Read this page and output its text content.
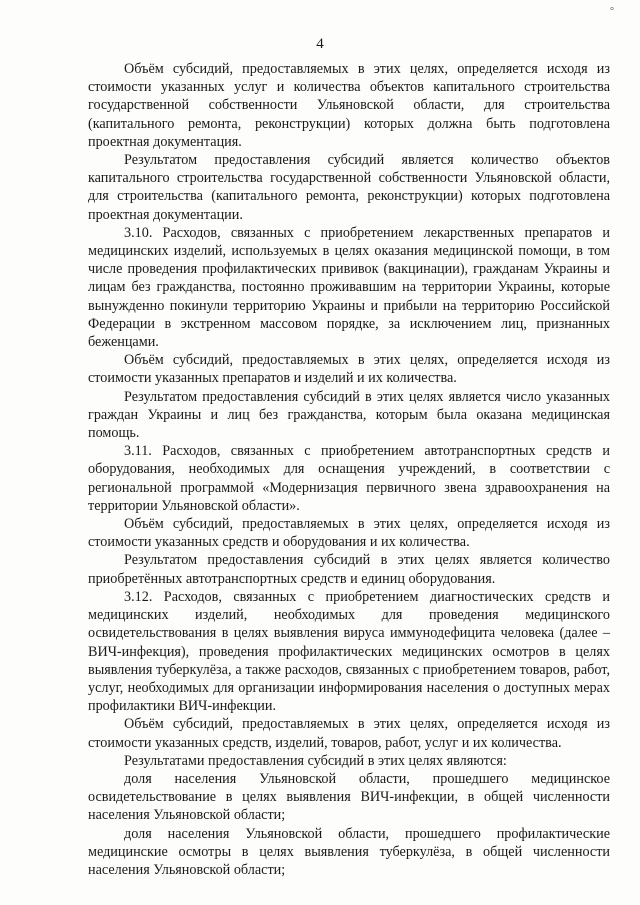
°
4

Объём субсидий, предоставляемых в этих целях, определяется исходя из стоимости указанных услуг и количества объектов капитального строительства государственной собственности Ульяновской области, для строительства (капитального ремонта, реконструкции) которых должна быть подготовлена проектная документация.

Результатом предоставления субсидий является количество объектов капитального строительства государственной собственности Ульяновской области, для строительства (капитального ремонта, реконструкции) которых подготовлена проектная документации.

3.10. Расходов, связанных с приобретением лекарственных препаратов и медицинских изделий, используемых в целях оказания медицинской помощи, в том числе проведения профилактических прививок (вакцинации), гражданам Украины и лицам без гражданства, постоянно проживавшим на территории Украины, которые вынужденно покинули территорию Украины и прибыли на территорию Российской Федерации в экстренном массовом порядке, за исключением лиц, признанных беженцами.

Объём субсидий, предоставляемых в этих целях, определяется исходя из стоимости указанных препаратов и изделий и их количества.

Результатом предоставления субсидий в этих целях является число указанных граждан Украины и лиц без гражданства, которым была оказана медицинская помощь.

3.11. Расходов, связанных с приобретением автотранспортных средств и оборудования, необходимых для оснащения учреждений, в соответствии с региональной программой «Модернизация первичного звена здравоохранения на территории Ульяновской области».

Объём субсидий, предоставляемых в этих целях, определяется исходя из стоимости указанных средств и оборудования и их количества.

Результатом предоставления субсидий в этих целях является количество приобретённых автотранспортных средств и единиц оборудования.

3.12. Расходов, связанных с приобретением диагностических средств и медицинских изделий, необходимых для проведения медицинского освидетельствования в целях выявления вируса иммунодефицита человека (далее – ВИЧ-инфекция), проведения профилактических медицинских осмотров в целях выявления туберкулёза, а также расходов, связанных с приобретением товаров, работ, услуг, необходимых для организации информирования населения о доступных мерах профилактики ВИЧ-инфекции.

Объём субсидий, предоставляемых в этих целях, определяется исходя из стоимости указанных средств, изделий, товаров, работ, услуг и их количества.

Результатами предоставления субсидий в этих целях являются:

доля населения Ульяновской области, прошедшего медицинское освидетельствование в целях выявления ВИЧ-инфекции, в общей численности населения Ульяновской области;

доля населения Ульяновской области, прошедшего профилактические медицинские осмотры в целях выявления туберкулёза, в общей численности населения Ульяновской области;
